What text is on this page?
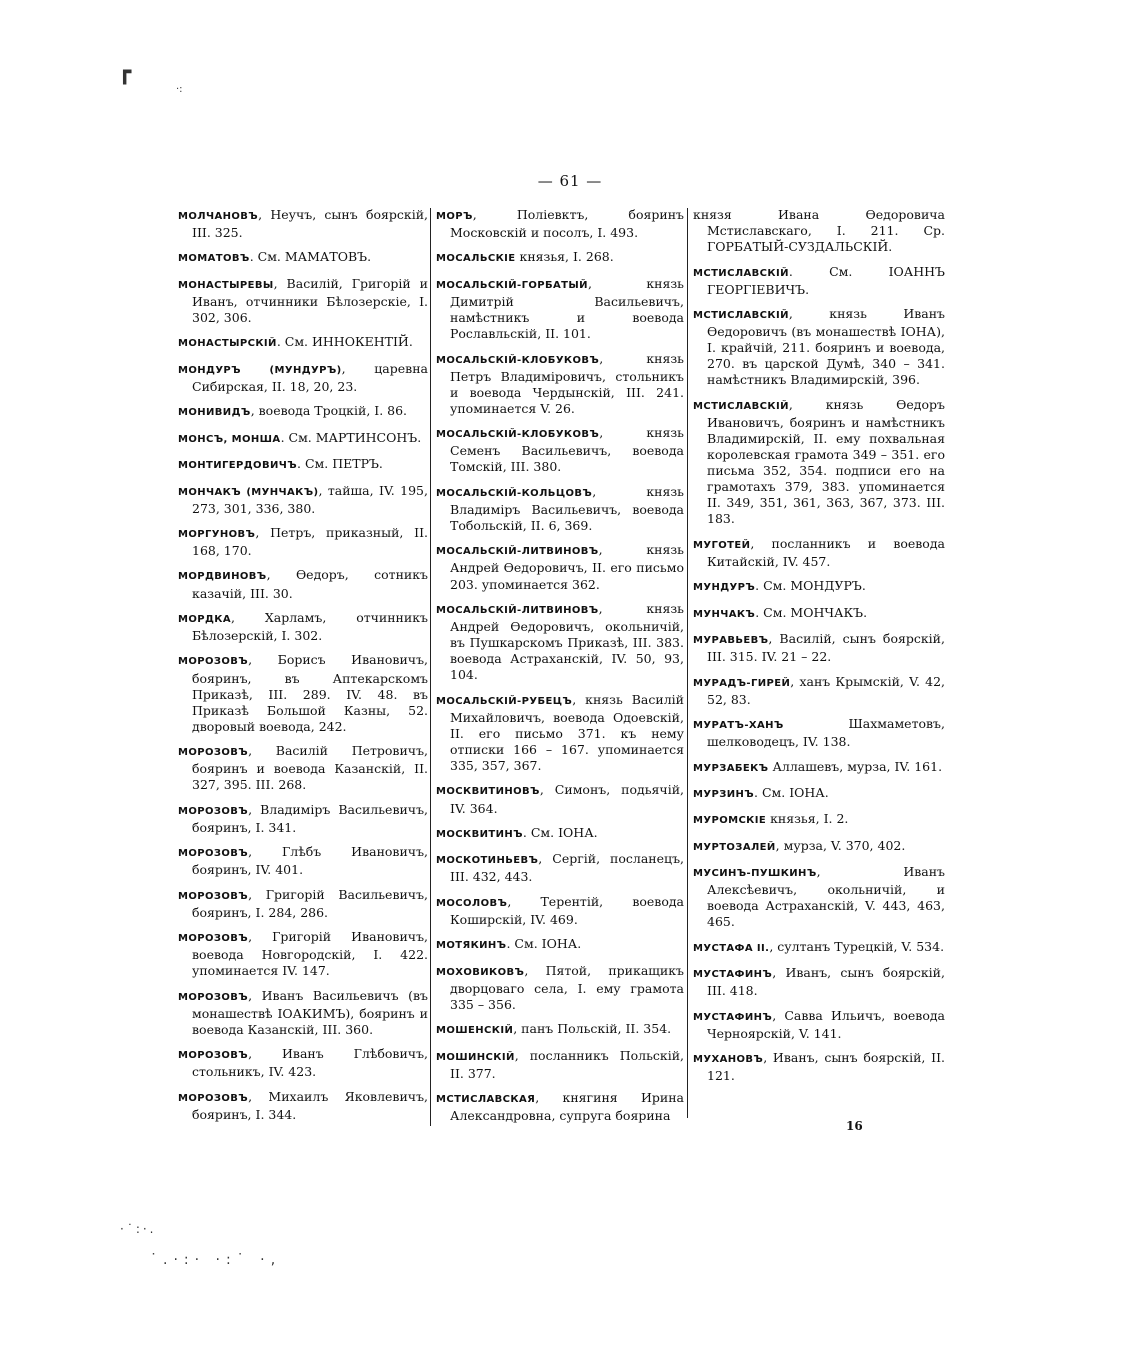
— 61 —

МОЛЧАНОВЪ, Неучъ, сынъ боярскій, III. 325.

МОМАТОВЪ. См. МАМАТОВЪ.

МОНАСТЫРЕВЫ, Василій, Григорій и Иванъ, отчинники Бѣлозерскіе, I. 302, 306.

МОНАСТЫРСКІЙ. См. ИННОКЕНТІЙ.

МОНДУРЪ (МУНДУРЪ), царевна Сибирская, II. 18, 20, 23.

МОНИВИДЪ, воевода Троцкій, I. 86.

МОНСЪ, МОНША. См. МАРТИНСОНЪ.

МОНТИГЕРДОВИЧЪ. См. ПЕТРЪ.

МОНЧАКЪ (МУНЧАКЪ), тайша, IV. 195, 273, 301, 336, 380.

МОРГУНОВЪ, Петръ, приказный, II. 168, 170.

МОРДВИНОВЪ, Ѳедоръ, сотникъ казачій, III. 30.

МОРДКА, Харламъ, отчинникъ Бѣлозерскій, I. 302.

МОРОЗОВЪ, Борисъ Ивановичъ, бояринъ, въ Аптекарскомъ Приказѣ, III. 289. IV. 48. въ Приказѣ Большой Казны, 52. дворовый воевода, 242.

МОРОЗОВЪ, Василій Петровичъ, бояринъ и воевода Казанскій, II. 327, 395. III. 268.

МОРОЗОВЪ, Владиміръ Васильевичъ, бояринъ, I. 341.

МОРОЗОВЪ, Глѣбъ Ивановичъ, бояринъ, IV. 401.

МОРОЗОВЪ, Григорій Васильевичъ, бояринъ, I. 284, 286.

МОРОЗОВЪ, Григорій Ивановичъ, воевода Новгородскій, I. 422. упоминается IV. 147.

МОРОЗОВЪ, Иванъ Васильевичъ (въ монашествѣ ІОАКИМЪ), бояринъ и воевода Казанскій, III. 360.

МОРОЗОВЪ, Иванъ Глѣбовичъ, стольникъ, IV. 423.

МОРОЗОВЪ, Михаилъ Яковлевичъ, бояринъ, I. 344.

МОРЪ, Поліевктъ, бояринъ Московскій и посолъ, I. 493.

МОСАЛЬСКІЕ князья, I. 268.

МОСАЛЬСКІЙ-ГОРБАТЫЙ, князь Димитрій Васильевичъ, намѣстникъ и воевода Рославльскій, II. 101.

МОСАЛЬСКІЙ-КЛОБУКОВЪ, князь Петръ Владиміровичъ, стольникъ и воевода Чердынскій, III. 241. упоминается V. 26.

МОСАЛЬСКІЙ-КЛОБУКОВЪ, князь Семенъ Васильевичъ, воевода Томскій, III. 380.

МОСАЛЬСКІЙ-КОЛЬЦОВЪ, князь Владиміръ Васильевичъ, воевода Тобольскій, II. 6, 369.

МОСАЛЬСКІЙ-ЛИТВИНОВЪ, князь Андрей Ѳедоровичъ, II. его письмо 203. упоминается 362.

МОСАЛЬСКІЙ-ЛИТВИНОВЪ, князь Андрей Ѳедоровичъ, окольничій, въ Пушкарскомъ Приказѣ, III. 383. воевода Астраханскій, IV. 50, 93, 104.

МОСАЛЬСКІЙ-РУБЕЦЪ, князь Василій Михайловичъ, воевода Одоевскій, II. его письмо 371. къ нему отписки 166 – 167. упоминается 335, 357, 367.

МОСКВИТИНОВЪ, Симонъ, подьячій, IV. 364.

МОСКВИТИНЪ. См. ІОНА.

МОСКОТИНЬЕВЪ, Сергій, посланецъ, III. 432, 443.

МОСОЛОВЪ, Терентій, воевода Коширскій, IV. 469.

МОТЯКИНЪ. См. ІОНА.

МОХОВИКОВЪ, Пятой, прикащикъ дворцоваго села, I. ему грамота 335 – 356.

МОШЕНСКІЙ, панъ Польскій, II. 354.

МОШИНСКІЙ, посланникъ Польскій, II. 377.

МСТИСЛАВСКАЯ, княгиня Ирина Александровна, супруга боярина

князя Ивана Ѳедоровича Мстиславскаго, I. 211. Ср. ГОРБАТЫЙ-СУЗДАЛЬСКІЙ.

МСТИСЛАВСКІЙ. См. ІОАННЪ ГЕОРГІЕВИЧЪ.

МСТИСЛАВСКІЙ, князь Иванъ Ѳедоровичъ (въ монашествѣ ІОНА), I. крайчій, 211. бояринъ и воевода, 270. въ царской Думѣ, 340 – 341. намѣстникъ Владимирскій, 396.

МСТИСЛАВСКІЙ, князь Ѳедоръ Ивановичъ, бояринъ и намѣстникъ Владимирскій, II. ему похвальная королевская грамота 349 – 351. его письма 352, 354. подписи его на грамотахъ 379, 383. упоминается II. 349, 351, 361, 363, 367, 373. III. 183.

МУГОТЕЙ, посланникъ и воевода Китайскій, IV. 457.

МУНДУРЪ. См. МОНДУРЪ.

МУНЧАКЪ. См. МОНЧАКЪ.

МУРАВЬЕВЪ, Василій, сынъ боярскій, III. 315. IV. 21 – 22.

МУРАДЪ-ГИРЕЙ, ханъ Крымскій, V. 42, 52, 83.

МУРАТЪ-ХАНЪ Шахмаметовъ, шелководецъ, IV. 138.

МУРЗАБЕКЪ Аллашевъ, мурза, IV. 161.

МУРЗИНЪ. См. ІОНА.

МУРОМСКІЕ князья, I. 2.

МУРТОЗАЛЕЙ, мурза, V. 370, 402.

МУСИНЪ-ПУШКИНЪ, Иванъ Алексѣевичъ, окольничій, и воевода Астраханскій, V. 443, 463, 465.

МУСТАФА II., султанъ Турецкій, V. 534.

МУСТАФИНЪ, Иванъ, сынъ боярскій, III. 418.

МУСТАФИНЪ, Савва Ильичъ, воевода Черноярскій, V. 141.

МУХАНОВЪ, Иванъ, сынъ боярскій, II. 121.

16
┏
·:
·˙:·.
˙.·:· ·:˙ ·‚
